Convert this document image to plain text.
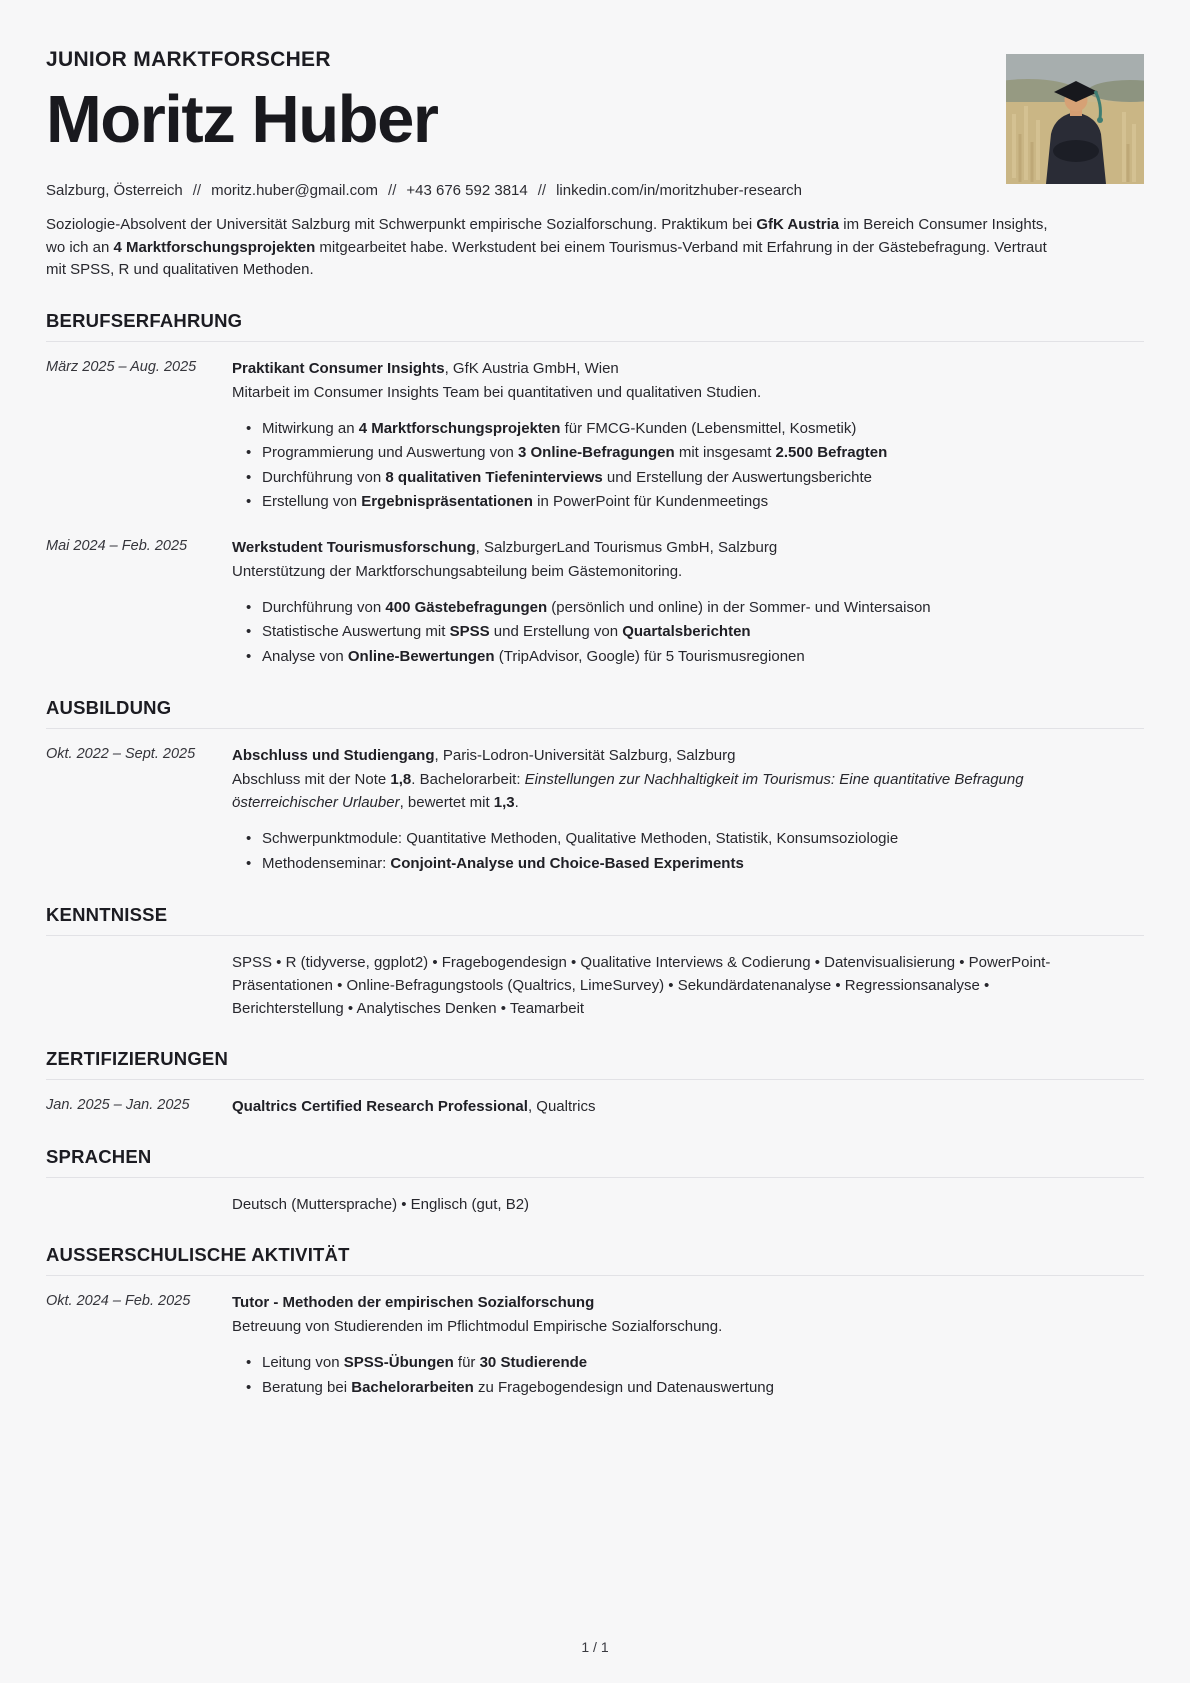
JUNIOR MARKTFORSCHER
Moritz Huber
Salzburg, Österreich // moritz.huber@gmail.com // +43 676 592 3814 // linkedin.com/in/moritzhuber-research

Soziologie-Absolvent der Universität Salzburg mit Schwerpunkt empirische Sozialforschung. Praktikum bei GfK Austria im Bereich Consumer Insights, wo ich an 4 Marktforschungsprojekten mitgearbeitet habe. Werkstudent bei einem Tourismus-Verband mit Erfahrung in der Gästebefragung. Vertraut mit SPSS, R und qualitativen Methoden.

BERUFSERFAHRUNG
März 2025 – Aug. 2025	Praktikant Consumer Insights, GfK Austria GmbH, Wien
Mitarbeit im Consumer Insights Team bei quantitativen und qualitativen Studien.
• Mitwirkung an 4 Marktforschungsprojekten für FMCG-Kunden (Lebensmittel, Kosmetik)
• Programmierung und Auswertung von 3 Online-Befragungen mit insgesamt 2.500 Befragten
• Durchführung von 8 qualitativen Tiefeninterviews und Erstellung der Auswertungsberichte
• Erstellung von Ergebnispräsentationen in PowerPoint für Kundenmeetings
Mai 2024 – Feb. 2025	Werkstudent Tourismusforschung, SalzburgerLand Tourismus GmbH, Salzburg
Unterstützung der Marktforschungsabteilung beim Gästemonitoring.
• Durchführung von 400 Gästebefragungen (persönlich und online) in der Sommer- und Wintersaison
• Statistische Auswertung mit SPSS und Erstellung von Quartalsberichten
• Analyse von Online-Bewertungen (TripAdvisor, Google) für 5 Tourismusregionen
AUSBILDUNG
Okt. 2022 – Sept. 2025	Abschluss und Studiengang, Paris-Lodron-Universität Salzburg, Salzburg
Abschluss mit der Note 1,8. Bachelorarbeit: Einstellungen zur Nachhaltigkeit im Tourismus: Eine quantitative Befragung österreichischer Urlauber, bewertet mit 1,3.
• Schwerpunktmodule: Quantitative Methoden, Qualitative Methoden, Statistik, Konsumsoziologie
• Methodenseminar: Conjoint-Analyse und Choice-Based Experiments
KENNTNISSE
SPSS • R (tidyverse, ggplot2) • Fragebogendesign • Qualitative Interviews & Codierung • Datenvisualisierung • PowerPoint-Präsentationen • Online-Befragungstools (Qualtrics, LimeSurvey) • Sekundärdatenanalyse • Regressionsanalyse • Berichterstellung • Analytisches Denken • Teamarbeit
ZERTIFIZIERUNGEN
Jan. 2025 – Jan. 2025	Qualtrics Certified Research Professional, Qualtrics
SPRACHEN
Deutsch (Muttersprache) • Englisch (gut, B2)
AUSSERSCHULISCHE AKTIVITÄT
Okt. 2024 – Feb. 2025	Tutor - Methoden der empirischen Sozialforschung
Betreuung von Studierenden im Pflichtmodul Empirische Sozialforschung.
• Leitung von SPSS-Übungen für 30 Studierende
• Beratung bei Bachelorarbeiten zu Fragebogendesign und Datenauswertung
1 / 1
